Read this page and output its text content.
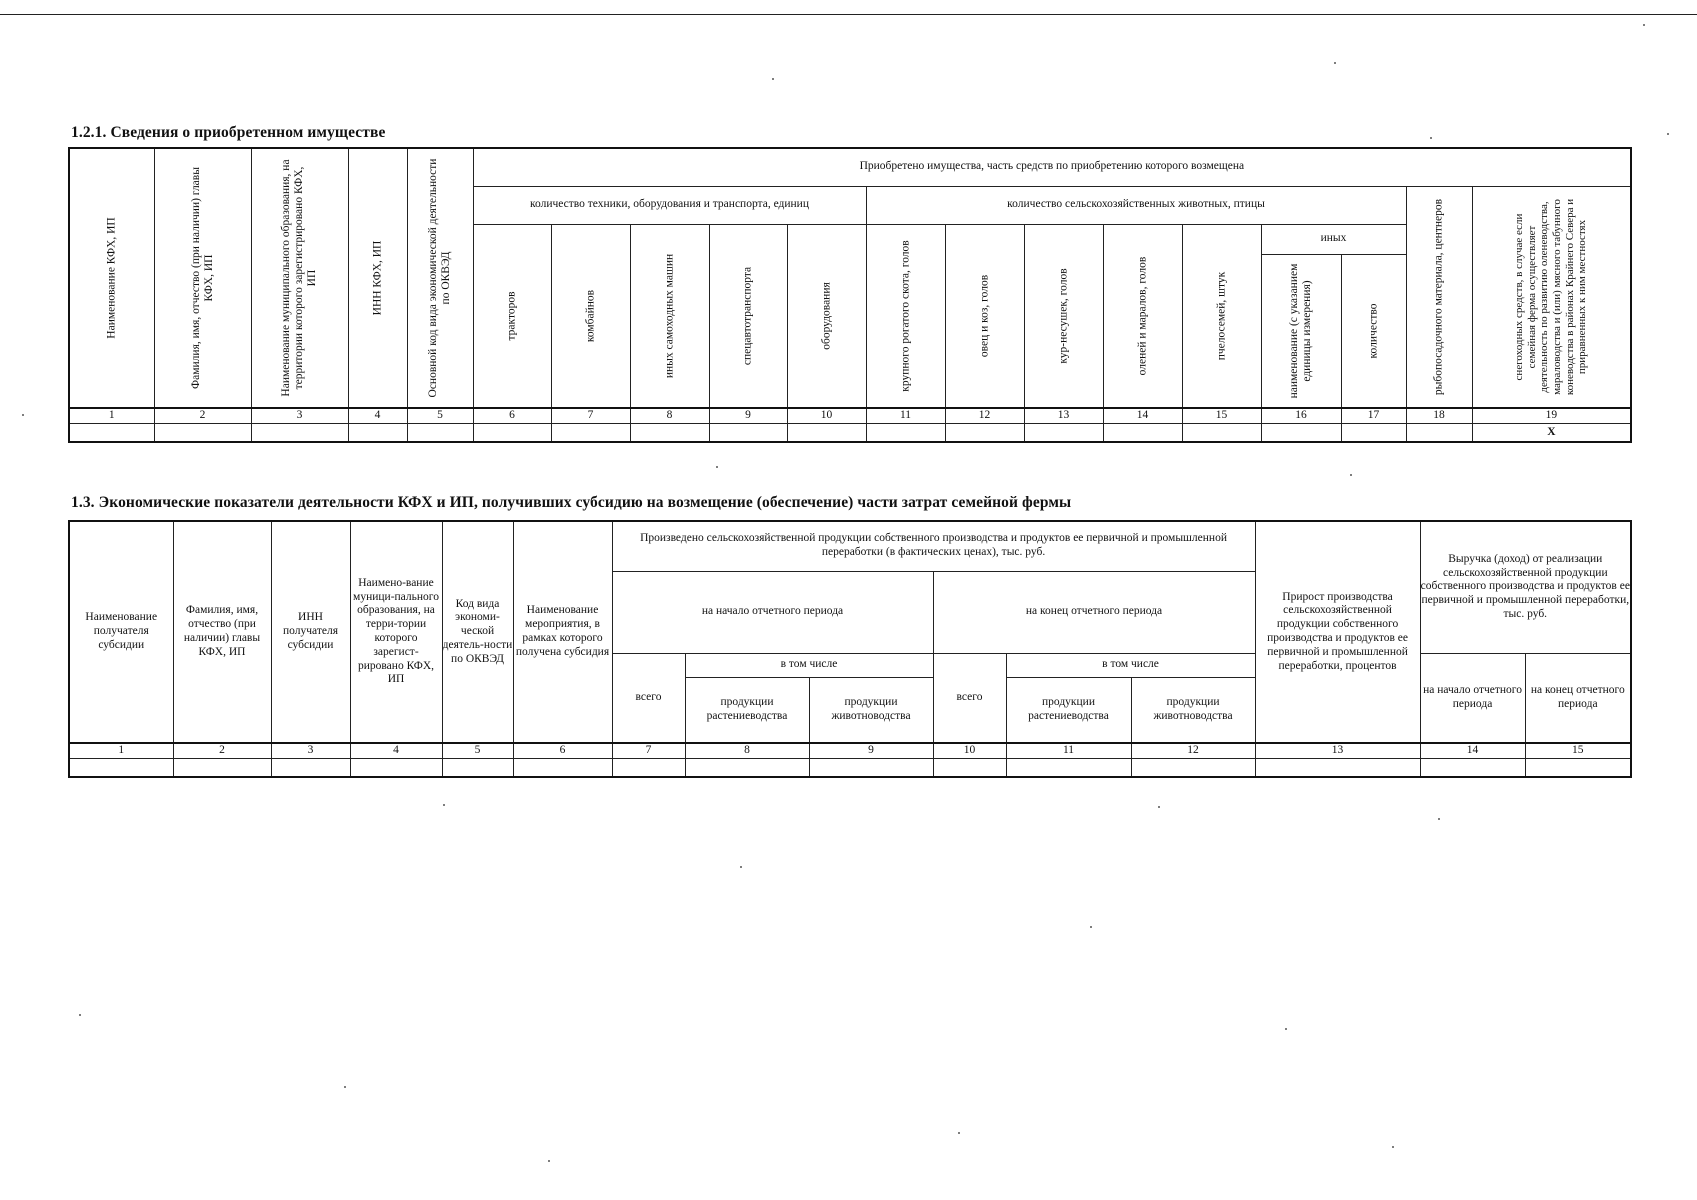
1.2.1. Сведения о приобретенном имуществе
Наименование КФХ, ИП	Фамилия, имя, отчество (при наличии) главы КФХ, ИП	Наименование муниципального образования, на территории которого зарегистрировано КФХ, ИП	ИНН КФХ, ИП	Основной код вида экономической деятельности по ОКВЭД	Приобретено имущества, часть средств по приобретению которого возмещена													
					количество техники, оборудования и транспорта, единиц					количество сельскохозяйственных животных, птицы							рыбопосадочного материала, центнеров	снегоходных средств, в случае если семейная ферма осуществляет деятельность по развитию оленеводства, мараловодства и (или) мясного табунного коневодства в районах Крайнего Севера и приравненных к ним местностях

					тракторов	комбайнов	иных самоходных машин	спецавтотранспорта	оборудования	крупного рогатого скота, голов	овец и коз, голов	кур-несушек, голов	оленей и маралов, голов	пчелосемей, штук	иных			

															наименование (с указанием единицы измерения)	количество		

1	2	3	4	5	6	7	8	9	10	11	12	13	14	15	16	17	18	19
																		X
1.3. Экономические показатели деятельности КФХ и ИП, получивших субсидию на возмещение (обеспечение) части затрат семейной фермы
Наименование получателя субсидии	Фамилия, имя, отчество (при наличии) главы КФХ, ИП	ИНН получателя субсидии	Наимено-вание муници-пального образования, на терри-тории которого зарегист-рировано КФХ, ИП	Код вида экономи-ческой деятель-ности по ОКВЭД	Наименование мероприятия, в рамках которого получена субсидия	Произведено сельскохозяйственной продукции собственного производства и продуктов ее первичной и промышленной переработки (в фактических ценах), тыс. руб.						Прирост производства сельскохозяйственной продукции собственного производства и продуктов ее первичной и промышленной переработки, процентов	Выручка (доход) от реализации сельскохозяйственной продукции собственного производства и продуктов ее первичной и промышленной переработки, тыс. руб.	
						на начало отчетного периода			на конец отчетного периода					
						всего	в том числе		всего	в том числе			на начало отчетного периода	на конец отчетного периода
							продукции растениеводства	продукции животноводства		продукции растениеводства	продукции животноводства			
1	2	3	4	5	6	7	8	9	10	11	12	13	14	15
